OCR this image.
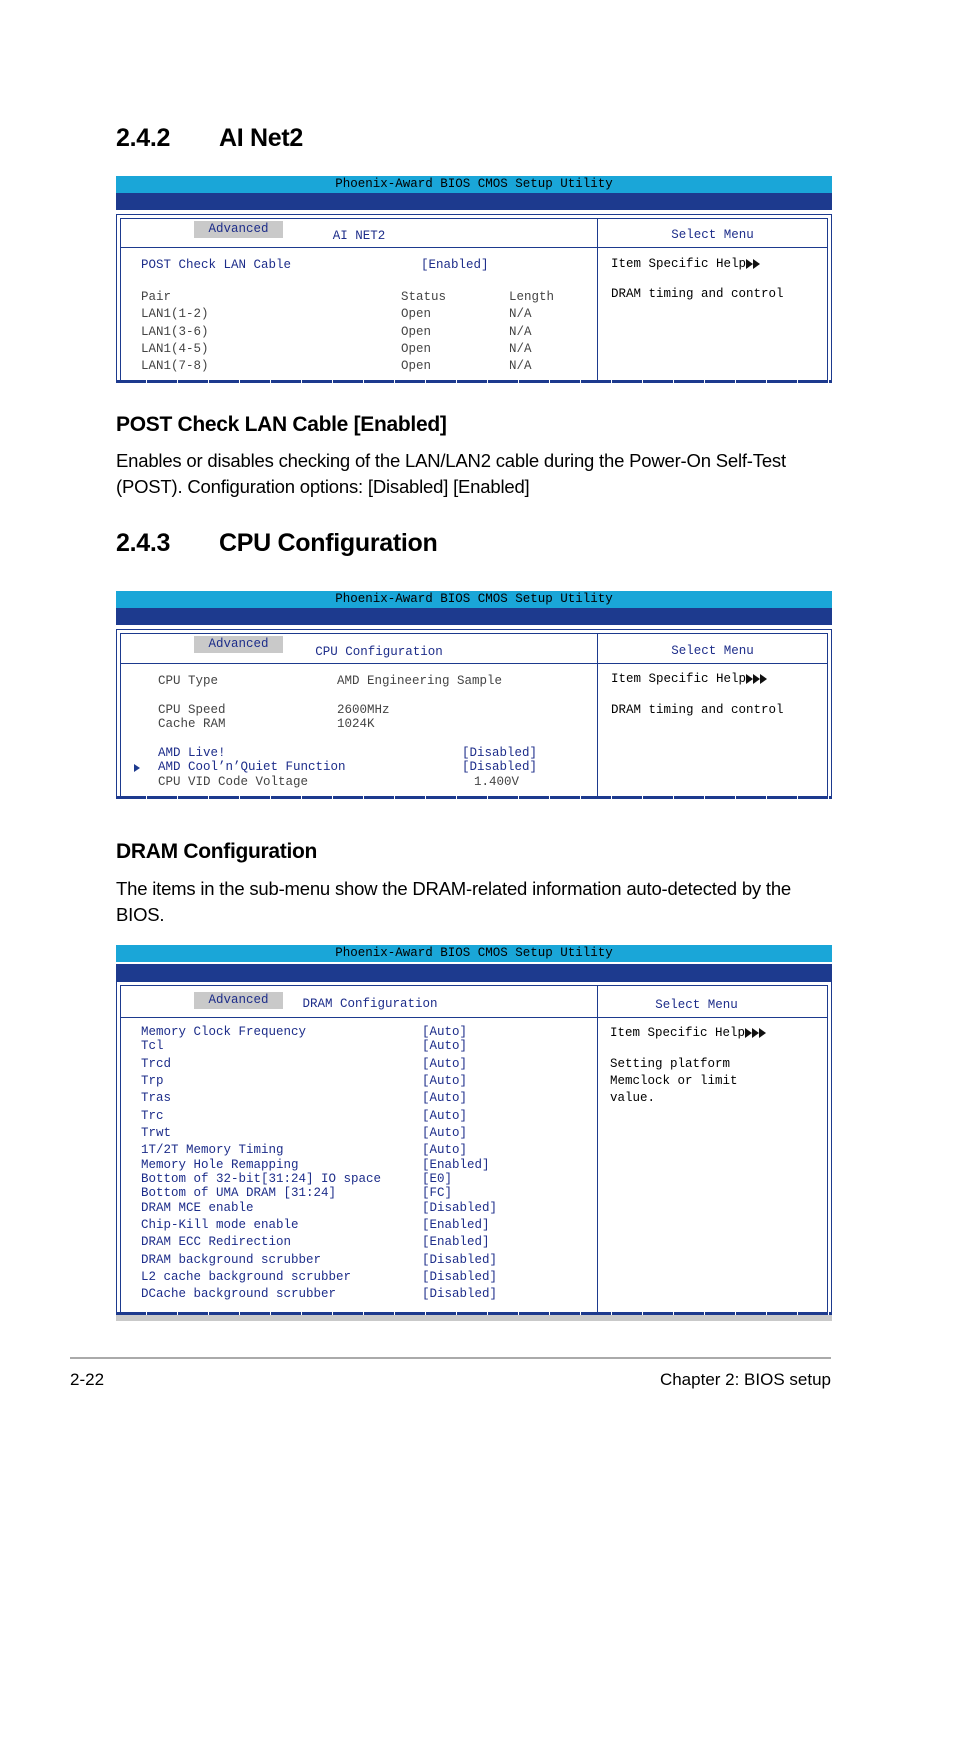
2.4.2 AI Net2

Phoenix-Award BIOS CMOS Setup Utility

Advanced

	AI NET2

	Select Menu

POST Check LAN Cable

	[Enabled]

Pair

	Status

	Length

LAN1(1-2)

	Open

	N/A

LAN1(3-6)

	Open

	N/A

LAN1(4-5)

	Open

	N/A

LAN1(7-8)

	Open

	N/A

Item Specific Help

DRAM timing and control

POST Check LAN Cable [Enabled]

Enables or disables checking of the LAN/LAN2 cable during the Power-On Self-Test (POST). Configuration options: [Disabled] [Enabled]

2.4.3 CPU Configuration

Phoenix-Award BIOS CMOS Setup Utility

Advanced

CPU Configuration

	Select Menu

CPU Type

	AMD Engineering Sample

CPU Speed

	2600MHz

Cache RAM

	1024K

DRAM Configuration

AMD Live!

	[Disabled]

AMD Cool’n’Quiet Function

	[Disabled]

CPU VID Code Voltage

	1.400V

Item Specific Help

DRAM timing and control

DRAM Configuration

The items in the sub-menu show the DRAM-related information auto-detected by the BIOS.

Phoenix-Award BIOS CMOS Setup Utility

Advanced

	DRAM Configuration

	Select Menu

Memory Clock Frequency

	[Auto]

Tcl

	[Auto]

Trcd

	[Auto]

Trp

	[Auto]

Tras

	[Auto]

Trc

	[Auto]

Trwt

	[Auto]

1T/2T Memory Timing

	[Auto]

Memory Hole Remapping

	[Enabled]

Bottom of 32-bit[31:24] IO space

	[E0]

Bottom of UMA DRAM [31:24]

	[FC]

DRAM MCE enable

	[Disabled]

Chip-Kill mode enable

	[Enabled]

DRAM ECC Redirection

	[Enabled]

DRAM background scrubber

	[Disabled]

L2 cache background scrubber

	[Disabled]

DCache background scrubber

	[Disabled]

Item Specific Help

Setting platform

Memclock or limit

value.

2-22	Chapter 2: BIOS setup
